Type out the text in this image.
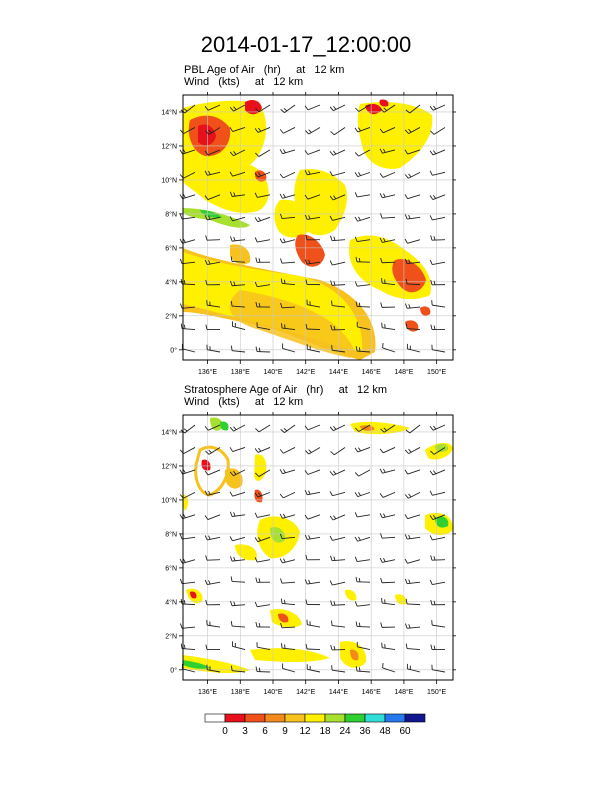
2014-01-17_12:00:00
PBL Age of Air   (hr)     at   12 km
Wind   (kts)     at   12 km
Stratosphere Age of Air   (hr)     at   12 km
Wind   (kts)     at   12 km
136°E 138°E 140°E 142°E 144°E 146°E 148°E 150°E
0°
2°N
4°N
6°N
8°N
10°N
12°N
14°N
136°E 138°E 140°E 142°E 144°E 146°E 148°E 150°E
0°
2°N
4°N
6°N
8°N
10°N
12°N
14°N
0 3 6 9 12 18 24 36 48 60
